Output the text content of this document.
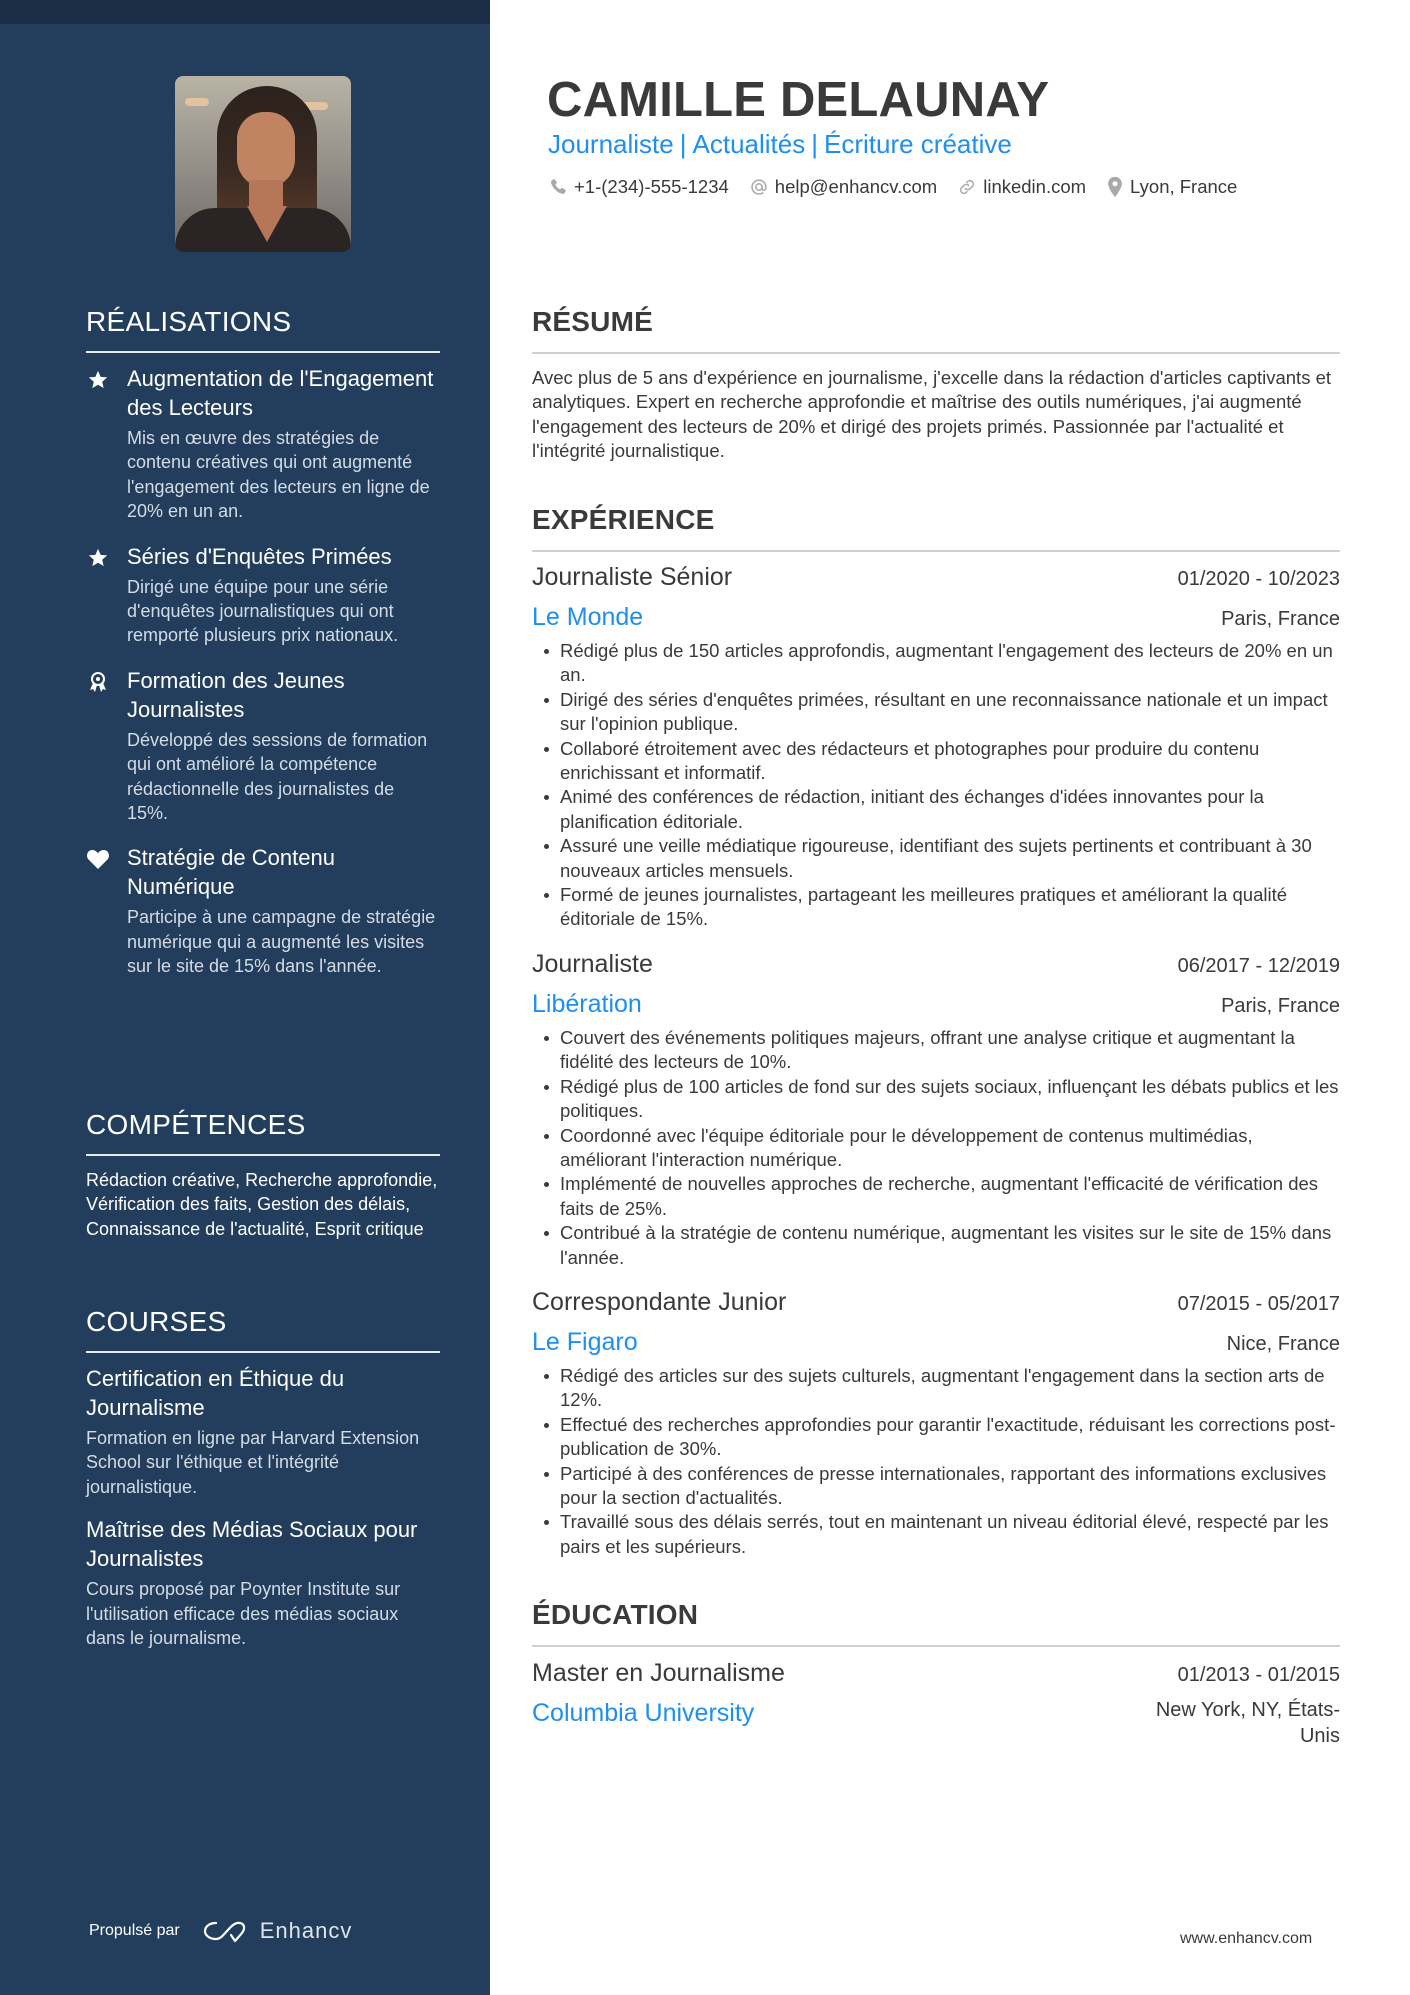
RÉALISATIONS
Augmentation de l'Engagement des Lecteurs
Mis en œuvre des stratégies de contenu créatives qui ont augmenté l'engagement des lecteurs en ligne de 20% en un an.
Séries d'Enquêtes Primées
Dirigé une équipe pour une série d'enquêtes journalistiques qui ont remporté plusieurs prix nationaux.
Formation des Jeunes Journalistes
Développé des sessions de formation qui ont amélioré la compétence rédactionnelle des journalistes de 15%.
Stratégie de Contenu Numérique
Participe à une campagne de stratégie numérique qui a augmenté les visites sur le site de 15% dans l'année.
COMPÉTENCES

Rédaction créative, Recherche approfondie, Vérification des faits, Gestion des délais, Connaissance de l'actualité, Esprit critique

COURSES
Certification en Éthique du Journalisme
Formation en ligne par Harvard Extension School sur l'éthique et l'intégrité journalistique.
Maîtrise des Médias Sociaux pour Journalistes
Cours proposé par Poynter Institute sur l'utilisation efficace des médias sociaux dans le journalisme.
Propulsé par	Enhancv
CAMILLE DELAUNAY
Journaliste | Actualités | Écriture créative
+1-(234)-555-1234 help@enhancv.com linkedin.com Lyon, France
RÉSUMÉ

Avec plus de 5 ans d'expérience en journalisme, j'excelle dans la rédaction d'articles captivants et analytiques. Expert en recherche approfondie et maîtrise des outils numériques, j'ai augmenté l'engagement des lecteurs de 20% et dirigé des projets primés. Passionnée par l'actualité et l'intégrité journalistique.

EXPÉRIENCE
Journaliste Sénior	01/2020 - 10/2023
Le Monde	Paris, France
Rédigé plus de 150 articles approfondis, augmentant l'engagement des lecteurs de 20% en un an.
Dirigé des séries d'enquêtes primées, résultant en une reconnaissance nationale et un impact sur l'opinion publique.
Collaboré étroitement avec des rédacteurs et photographes pour produire du contenu enrichissant et informatif.
Animé des conférences de rédaction, initiant des échanges d'idées innovantes pour la planification éditoriale.
Assuré une veille médiatique rigoureuse, identifiant des sujets pertinents et contribuant à 30 nouveaux articles mensuels.
Formé de jeunes journalistes, partageant les meilleures pratiques et améliorant la qualité éditoriale de 15%.
Journaliste	06/2017 - 12/2019
Libération	Paris, France
Couvert des événements politiques majeurs, offrant une analyse critique et augmentant la fidélité des lecteurs de 10%.
Rédigé plus de 100 articles de fond sur des sujets sociaux, influençant les débats publics et les politiques.
Coordonné avec l'équipe éditoriale pour le développement de contenus multimédias, améliorant l'interaction numérique.
Implémenté de nouvelles approches de recherche, augmentant l'efficacité de vérification des faits de 25%.
Contribué à la stratégie de contenu numérique, augmentant les visites sur le site de 15% dans l'année.
Correspondante Junior	07/2015 - 05/2017
Le Figaro	Nice, France
Rédigé des articles sur des sujets culturels, augmentant l'engagement dans la section arts de 12%.
Effectué des recherches approfondies pour garantir l'exactitude, réduisant les corrections post-publication de 30%.
Participé à des conférences de presse internationales, rapportant des informations exclusives pour la section d'actualités.
Travaillé sous des délais serrés, tout en maintenant un niveau éditorial élevé, respecté par les pairs et les supérieurs.
ÉDUCATION
Master en Journalisme	01/2013 - 01/2015
Columbia University	New York, NY, États-Unis
www.enhancv.com
